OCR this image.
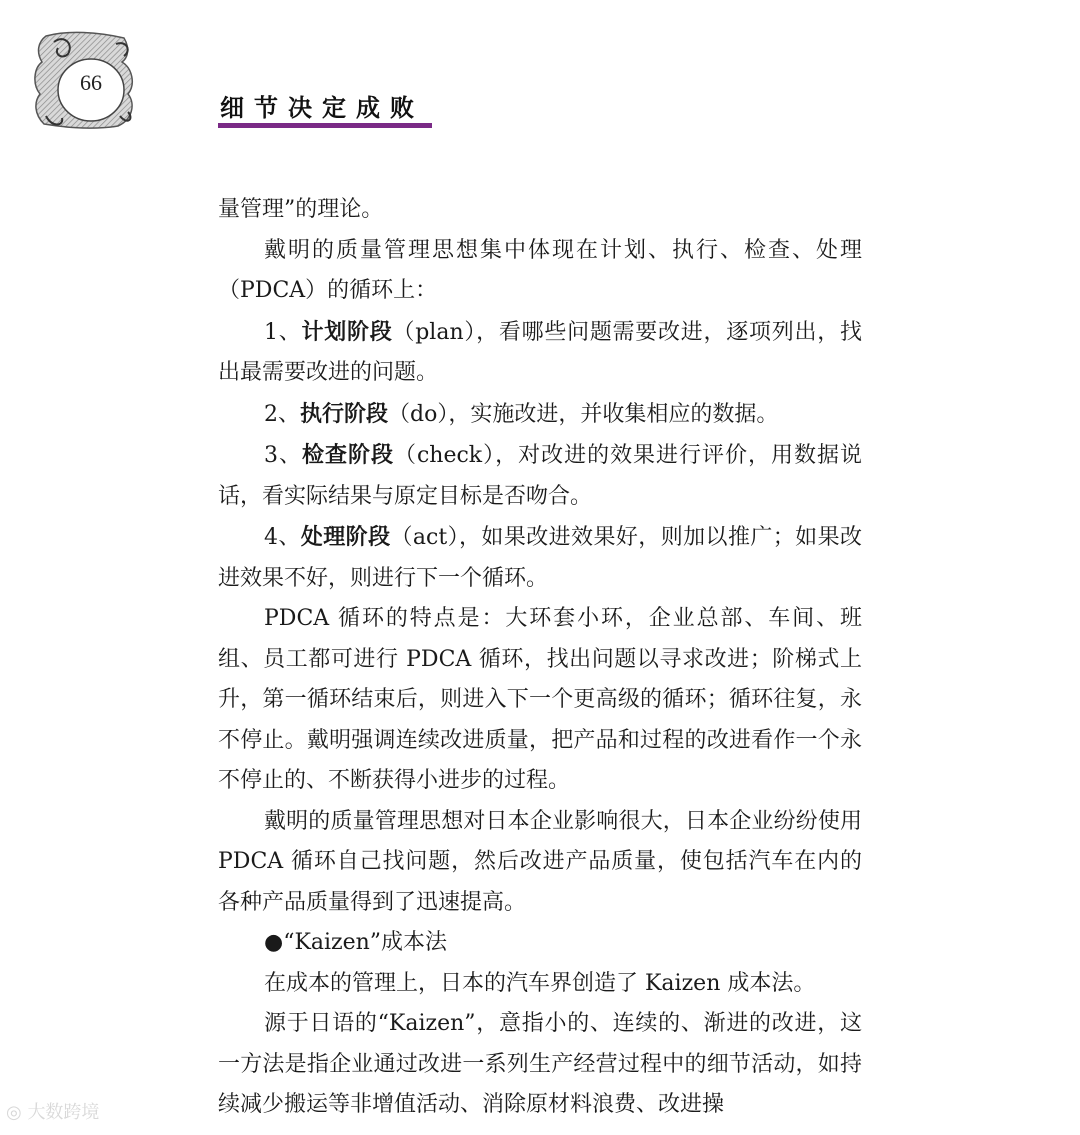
66
细节决定成败

量管理”的理论。

戴明的质量管理思想集中体现在计划、执行、检查、处理（PDCA）的循环上：

1、计划阶段（plan），看哪些问题需要改进，逐项列出，找出最需要改进的问题。

2、执行阶段（do），实施改进，并收集相应的数据。

3、检查阶段（check），对改进的效果进行评价，用数据说话，看实际结果与原定目标是否吻合。

4、处理阶段（act），如果改进效果好，则加以推广；如果改进效果不好，则进行下一个循环。

PDCA 循环的特点是：大环套小环，企业总部、车间、班组、员工都可进行 PDCA 循环，找出问题以寻求改进；阶梯式上升，第一循环结束后，则进入下一个更高级的循环；循环往复，永不停止。戴明强调连续改进质量，把产品和过程的改进看作一个永不停止的、不断获得小进步的过程。

戴明的质量管理思想对日本企业影响很大，日本企业纷纷使用 PDCA 循环自己找问题，然后改进产品质量，使包括汽车在内的各种产品质量得到了迅速提高。

●“Kaizen”成本法

在成本的管理上，日本的汽车界创造了 Kaizen 成本法。

源于日语的“Kaizen”，意指小的、连续的、渐进的改进，这一方法是指企业通过改进一系列生产经营过程中的细节活动，如持续减少搬运等非增值活动、消除原材料浪费、改进操

◎ 大数跨境
